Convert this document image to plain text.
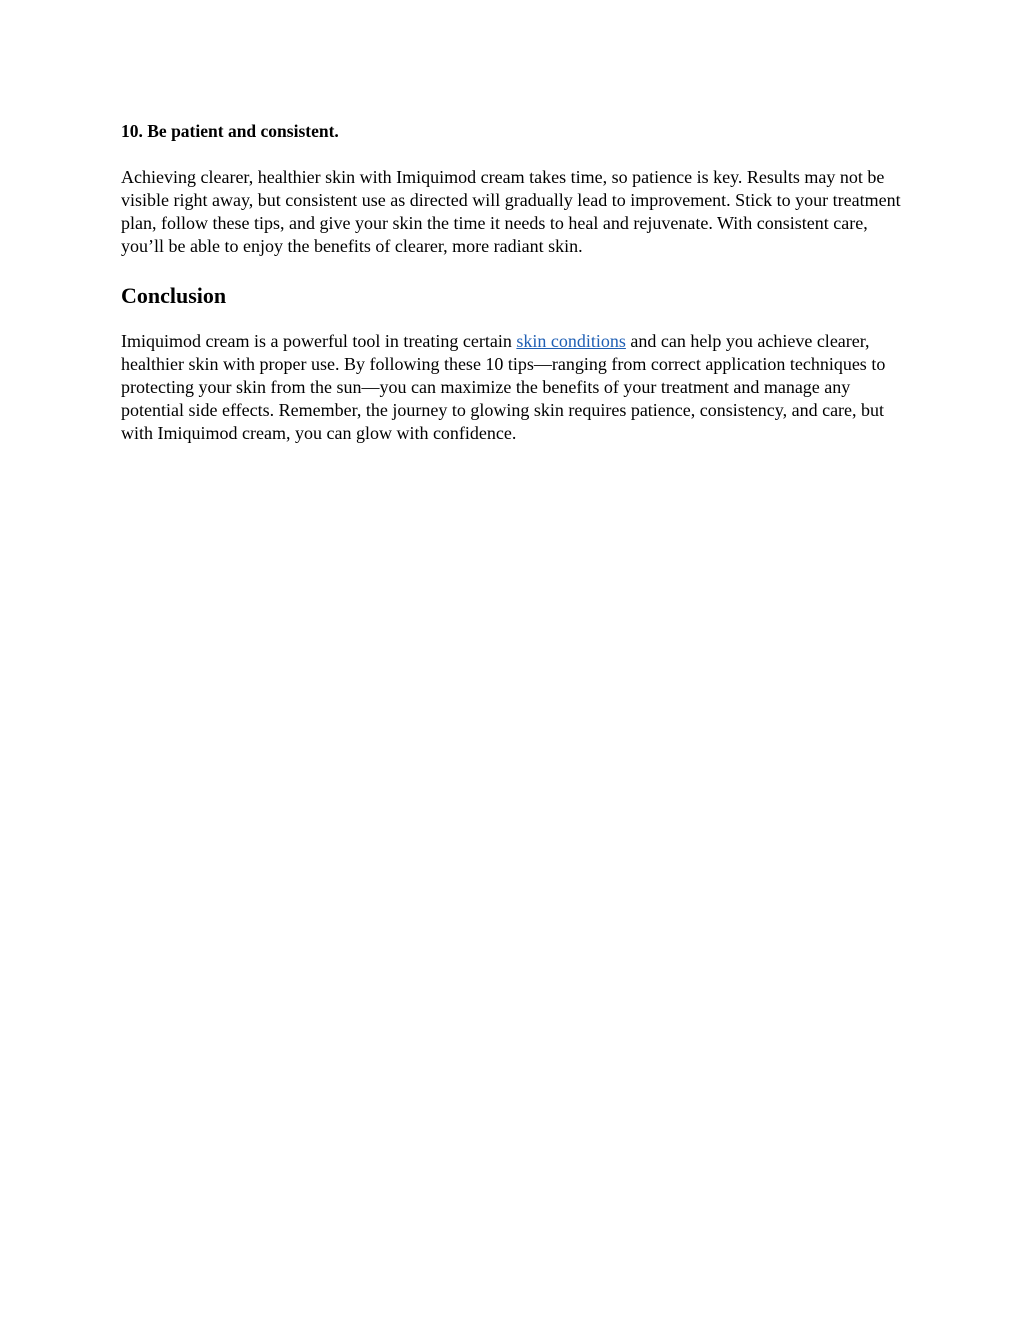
10. Be patient and consistent.

Achieving clearer, healthier skin with Imiquimod cream takes time, so patience is key. Results may not be visible right away, but consistent use as directed will gradually lead to improvement. Stick to your treatment plan, follow these tips, and give your skin the time it needs to heal and rejuvenate. With consistent care, you’ll be able to enjoy the benefits of clearer, more radiant skin.

Conclusion

Imiquimod cream is a powerful tool in treating certain skin conditions and can help you achieve clearer, healthier skin with proper use. By following these 10 tips—ranging from correct application techniques to protecting your skin from the sun—you can maximize the benefits of your treatment and manage any potential side effects. Remember, the journey to glowing skin requires patience, consistency, and care, but with Imiquimod cream, you can glow with confidence.
